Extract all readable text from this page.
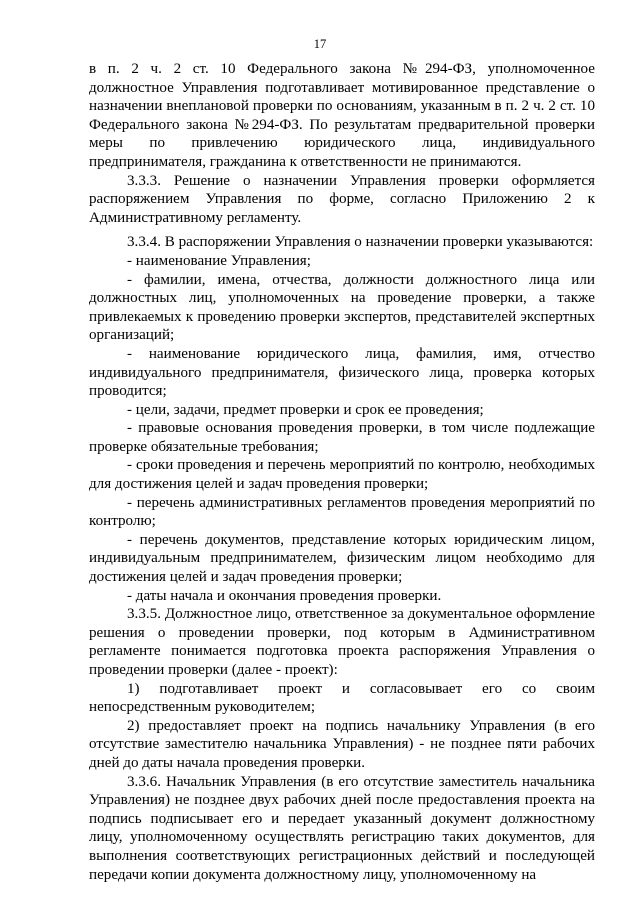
17

в п. 2 ч. 2 ст. 10 Федерального закона №294-ФЗ, уполномоченное должностное Управления подготавливает мотивированное представление о назначении внеплановой проверки по основаниям, указанным в п. 2 ч. 2 ст. 10 Федерального закона №294-ФЗ. По результатам предварительной проверки меры по привлечению юридического лица, индивидуального предпринимателя, гражданина к ответственности не принимаются.

3.3.3. Решение о назначении Управления проверки оформляется распоряжением Управления по форме, согласно Приложению 2 к Административному регламенту.

3.3.4. В распоряжении Управления о назначении проверки указываются:

- наименование Управления;

- фамилии, имена, отчества, должности должностного лица или должностных лиц, уполномоченных на проведение проверки, а также привлекаемых к проведению проверки экспертов, представителей экспертных организаций;

- наименование юридического лица, фамилия, имя, отчество индивидуального предпринимателя, физического лица, проверка которых проводится;

- цели, задачи, предмет проверки и срок ее проведения;

- правовые основания проведения проверки, в том числе подлежащие проверке обязательные требования;

- сроки проведения и перечень мероприятий по контролю, необходимых для достижения целей и задач проведения проверки;

- перечень административных регламентов проведения мероприятий по контролю;

- перечень документов, представление которых юридическим лицом, индивидуальным предпринимателем, физическим лицом необходимо для достижения целей и задач проведения проверки;

- даты начала и окончания проведения проверки.

3.3.5. Должностное лицо, ответственное за документальное оформление решения о проведении проверки, под которым в Административном регламенте понимается подготовка проекта распоряжения Управления о проведении проверки (далее - проект):

1) подготавливает проект и согласовывает его со своим непосредственным руководителем;

2) предоставляет проект на подпись начальнику Управления (в его отсутствие заместителю начальника Управления) - не позднее пяти рабочих дней до даты начала проведения проверки.

3.3.6. Начальник Управления (в его отсутствие заместитель начальника Управления) не позднее двух рабочих дней после предоставления проекта на подпись подписывает его и передает указанный документ должностному лицу, уполномоченному осуществлять регистрацию таких документов, для выполнения соответствующих регистрационных действий и последующей передачи копии документа должностному лицу, уполномоченному на
